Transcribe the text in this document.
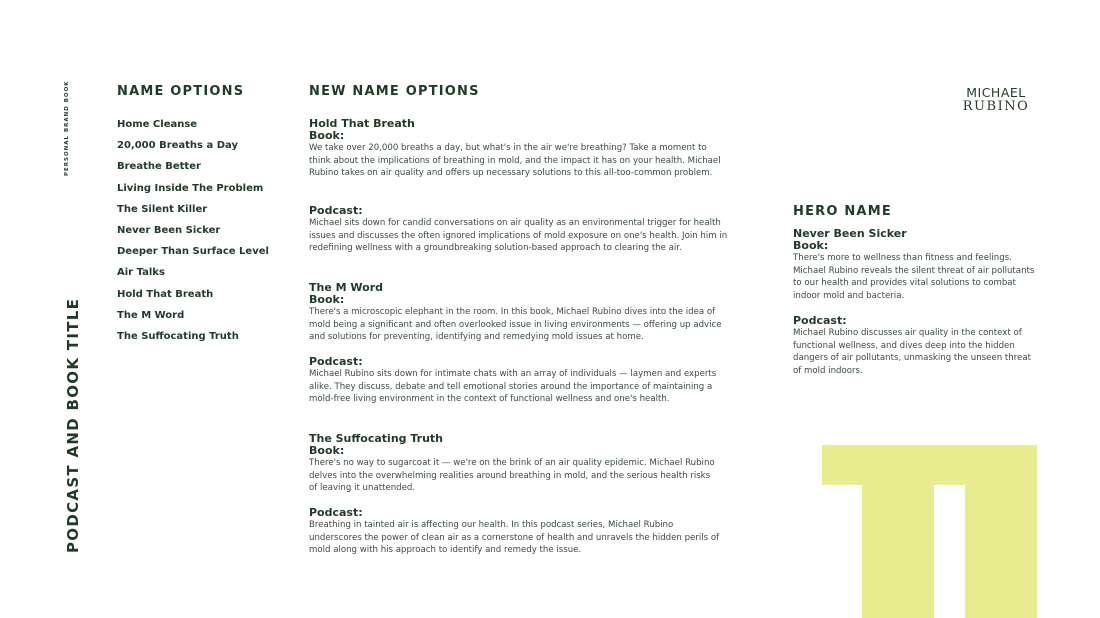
PERSONAL BRAND BOOK
PODCAST AND BOOK TITLE
NAME OPTIONS
Home Cleanse
20,000 Breaths a Day
Breathe Better
Living Inside The Problem
The Silent Killer
Never Been Sicker
Deeper Than Surface Level
Air Talks
Hold That Breath
The M Word
The Suffocating Truth
NEW NAME OPTIONS
Hold That Breath
Book:
We take over 20,000 breaths a day, but what's in the air we're breathing? Take a moment to think about the implications of breathing in mold, and the impact it has on your health. Michael Rubino takes on air quality and offers up necessary solutions to this all-too-common problem.
Podcast:
Michael sits down for candid conversations on air quality as an environmental trigger for health issues and discusses the often ignored implications of mold exposure on one's health. Join him in redefining wellness with a groundbreaking solution-based approach to clearing the air.
The M Word
Book:
There's a microscopic elephant in the room. In this book, Michael Rubino dives into the idea of mold being a significant and often overlooked issue in living environments — offering up advice and solutions for preventing, identifying and remedying mold issues at home.
Podcast:
Michael Rubino sits down for intimate chats with an array of individuals — laymen and experts alike. They discuss, debate and tell emotional stories around the importance of maintaining a mold-free living environment in the context of functional wellness and one's health.
The Suffocating Truth
Book:
There's no way to sugarcoat it — we're on the brink of an air quality epidemic. Michael Rubino delves into the overwhelming realities around breathing in mold, and the serious health risks of leaving it unattended.
Podcast:
Breathing in tainted air is affecting our health. In this podcast series, Michael Rubino underscores the power of clean air as a cornerstone of health and unravels the hidden perils of mold along with his approach to identify and remedy the issue.
MICHAEL
RUBINO
HERO NAME
Never Been Sicker
Book:
There's more to wellness than fitness and feelings. Michael Rubino reveals the silent threat of air pollutants to our health and provides vital solutions to combat indoor mold and bacteria.
Podcast:
Michael Rubino discusses air quality in the context of functional wellness, and dives deep into the hidden dangers of air pollutants, unmasking the unseen threat of mold indoors.
